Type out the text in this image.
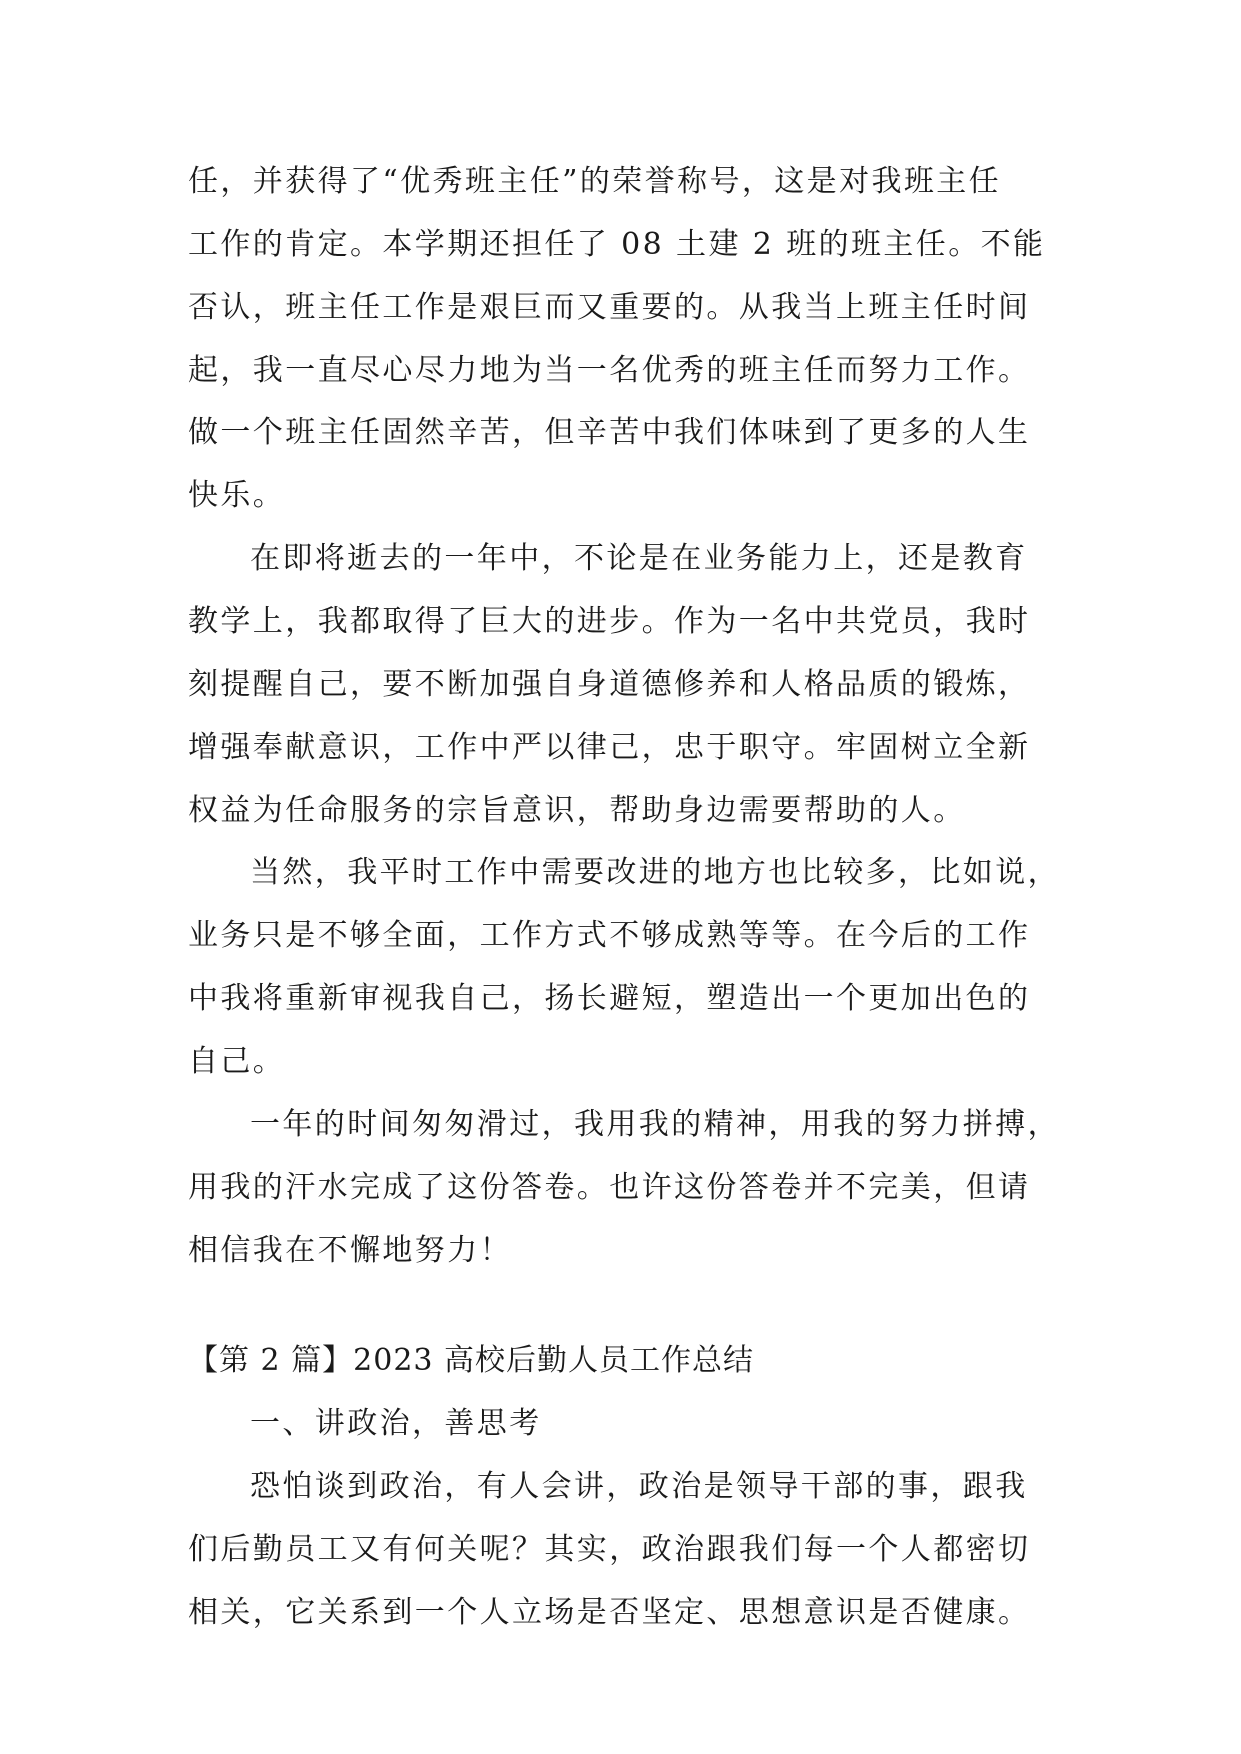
任，并获得了“优秀班主任”的荣誉称号，这是对我班主任
工作的肯定。本学期还担任了 08 土建 2 班的班主任。不能
否认，班主任工作是艰巨而又重要的。从我当上班主任时间
起，我一直尽心尽力地为当一名优秀的班主任而努力工作。
做一个班主任固然辛苦，但辛苦中我们体味到了更多的人生
快乐。
在即将逝去的一年中，不论是在业务能力上，还是教育
教学上，我都取得了巨大的进步。作为一名中共党员，我时
刻提醒自己，要不断加强自身道德修养和人格品质的锻炼，
增强奉献意识，工作中严以律己，忠于职守。牢固树立全新
权益为任命服务的宗旨意识，帮助身边需要帮助的人。
当然，我平时工作中需要改进的地方也比较多，比如说，
业务只是不够全面，工作方式不够成熟等等。在今后的工作
中我将重新审视我自己，扬长避短，塑造出一个更加出色的
自己。
一年的时间匆匆滑过，我用我的精神，用我的努力拼搏，
用我的汗水完成了这份答卷。也许这份答卷并不完美，但请
相信我在不懈地努力！
【第 2 篇】2023 高校后勤人员工作总结
一、讲政治，善思考
恐怕谈到政治，有人会讲，政治是领导干部的事，跟我
们后勤员工又有何关呢？其实，政治跟我们每一个人都密切
相关，它关系到一个人立场是否坚定、思想意识是否健康。
